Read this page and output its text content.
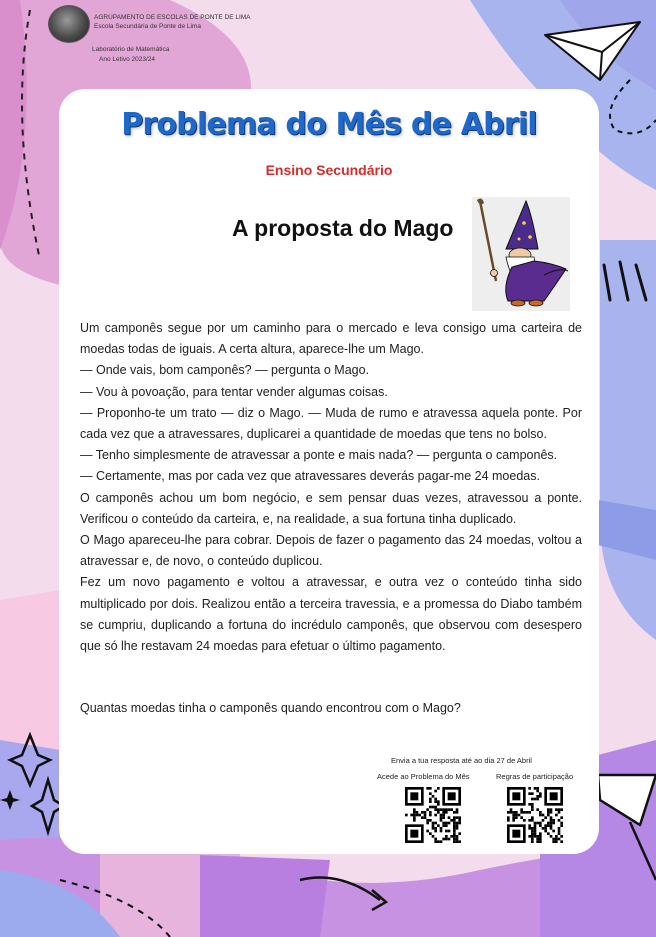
AGRUPAMENTO DE ESCOLAS DE PONTE DE LIMA
Escola Secundária de Ponte de Lima
Laboratório de Matemática
Ano Letivo 2023/24
Problema do Mês de Abril
Ensino Secundário
A proposta do Mago

Um camponês segue por um caminho para o mercado e leva consigo uma carteira de moedas todas de iguais. A certa altura, aparece-lhe um Mago.

— Onde vais, bom camponês? — pergunta o Mago.

— Vou à povoação, para tentar vender algumas coisas.

— Proponho-te um trato — diz o Mago. — Muda de rumo e atravessa aquela ponte. Por cada vez que a atravessares, duplicarei a quantidade de moedas que tens no bolso.

— Tenho simplesmente de atravessar a ponte e mais nada? — pergunta o camponês.

— Certamente, mas por cada vez que atravessares deverás pagar-me 24 moedas.

O camponês achou um bom negócio, e sem pensar duas vezes, atravessou a ponte. Verificou o conteúdo da carteira, e, na realidade, a sua fortuna tinha duplicado.

O Mago apareceu-lhe para cobrar. Depois de fazer o pagamento das 24 moedas, voltou a atravessar e, de novo, o conteúdo duplicou.

Fez um novo pagamento e voltou a atravessar, e outra vez o conteúdo tinha sido multiplicado por dois. Realizou então a terceira travessia, e a promessa do Diabo também se cumpriu, duplicando a fortuna do incrédulo camponês, que observou com desespero que só lhe restavam 24 moedas para efetuar o último pagamento.

Quantas moedas tinha o camponês quando encontrou com o Mago?
Envia a tua resposta até ao dia 27 de Abril
Acede ao Problema do Mês	Regras de participação
